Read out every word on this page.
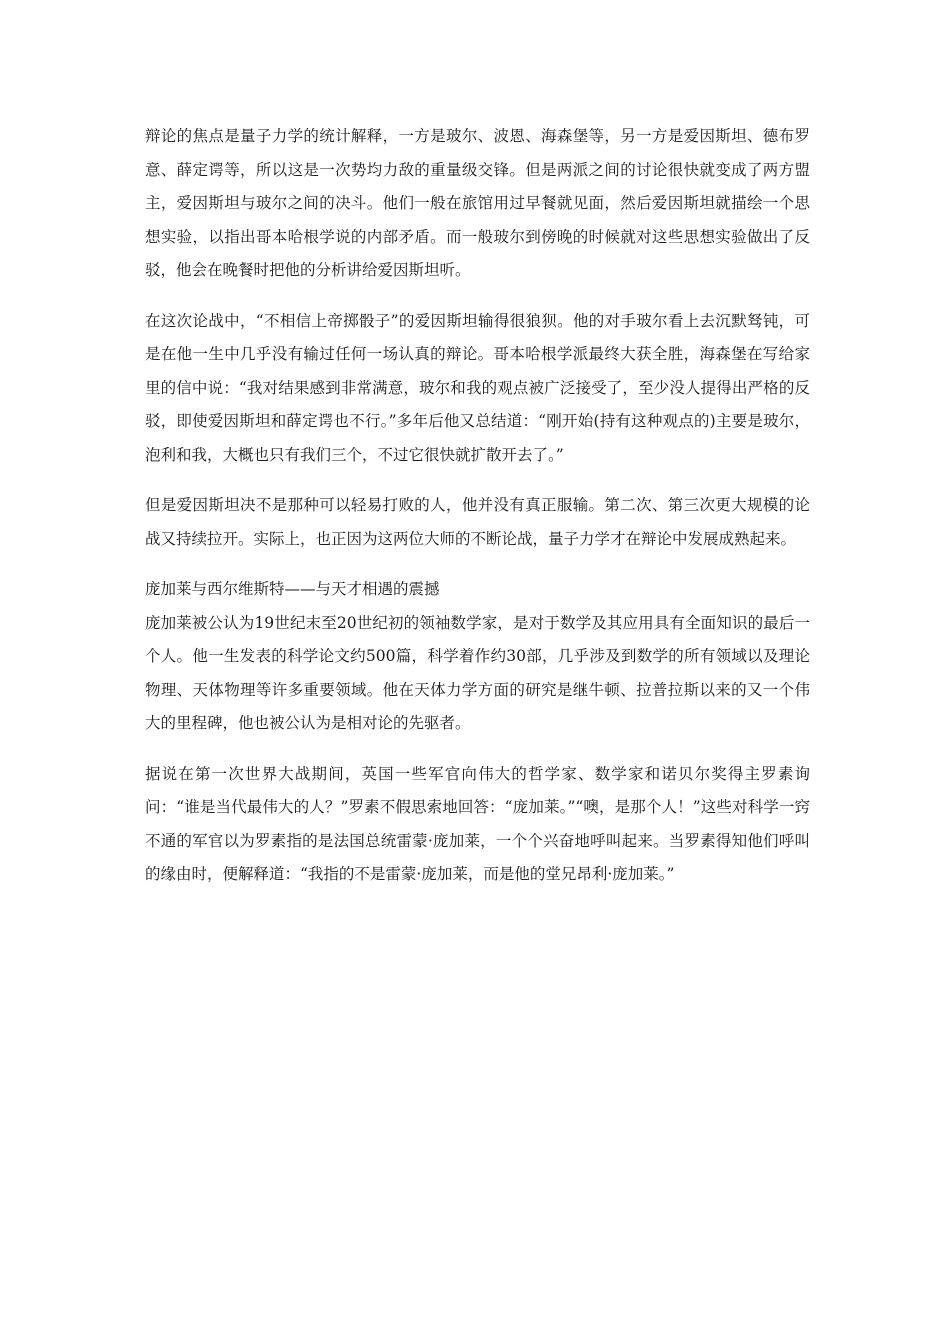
辩论的焦点是量子力学的统计解释，一方是玻尔、波恩、海森堡等，另一方是爱因斯坦、德布罗意、薛定谔等，所以这是一次势均力敌的重量级交锋。但是两派之间的讨论很快就变成了两方盟主，爱因斯坦与玻尔之间的决斗。他们一般在旅馆用过早餐就见面，然后爱因斯坦就描绘一个思想实验，以指出哥本哈根学说的内部矛盾。而一般玻尔到傍晚的时候就对这些思想实验做出了反驳，他会在晚餐时把他的分析讲给爱因斯坦听。

在这次论战中，“不相信上帝掷骰子”的爱因斯坦输得很狼狈。他的对手玻尔看上去沉默驽钝，可是在他一生中几乎没有输过任何一场认真的辩论。哥本哈根学派最终大获全胜，海森堡在写给家里的信中说：“我对结果感到非常满意，玻尔和我的观点被广泛接受了，至少没人提得出严格的反驳，即使爱因斯坦和薛定谔也不行。”多年后他又总结道：“刚开始(持有这种观点的)主要是玻尔，泡利和我，大概也只有我们三个，不过它很快就扩散开去了。”

但是爱因斯坦决不是那种可以轻易打败的人，他并没有真正服输。第二次、第三次更大规模的论战又持续拉开。实际上，也正因为这两位大师的不断论战，量子力学才在辩论中发展成熟起来。

庞加莱与西尔维斯特——与天才相遇的震撼

庞加莱被公认为19世纪末至20世纪初的领袖数学家，是对于数学及其应用具有全面知识的最后一个人。他一生发表的科学论文约500篇，科学着作约30部，几乎涉及到数学的所有领域以及理论物理、天体物理等许多重要领域。他在天体力学方面的研究是继牛顿、拉普拉斯以来的又一个伟大的里程碑，他也被公认为是相对论的先驱者。

据说在第一次世界大战期间，英国一些军官向伟大的哲学家、数学家和诺贝尔奖得主罗素询问：“谁是当代最伟大的人？”罗素不假思索地回答：“庞加莱。”“噢，是那个人！”这些对科学一窍不通的军官以为罗素指的是法国总统雷蒙·庞加莱，一个个兴奋地呼叫起来。当罗素得知他们呼叫的缘由时，便解释道：“我指的不是雷蒙·庞加莱，而是他的堂兄昂利·庞加莱。”
